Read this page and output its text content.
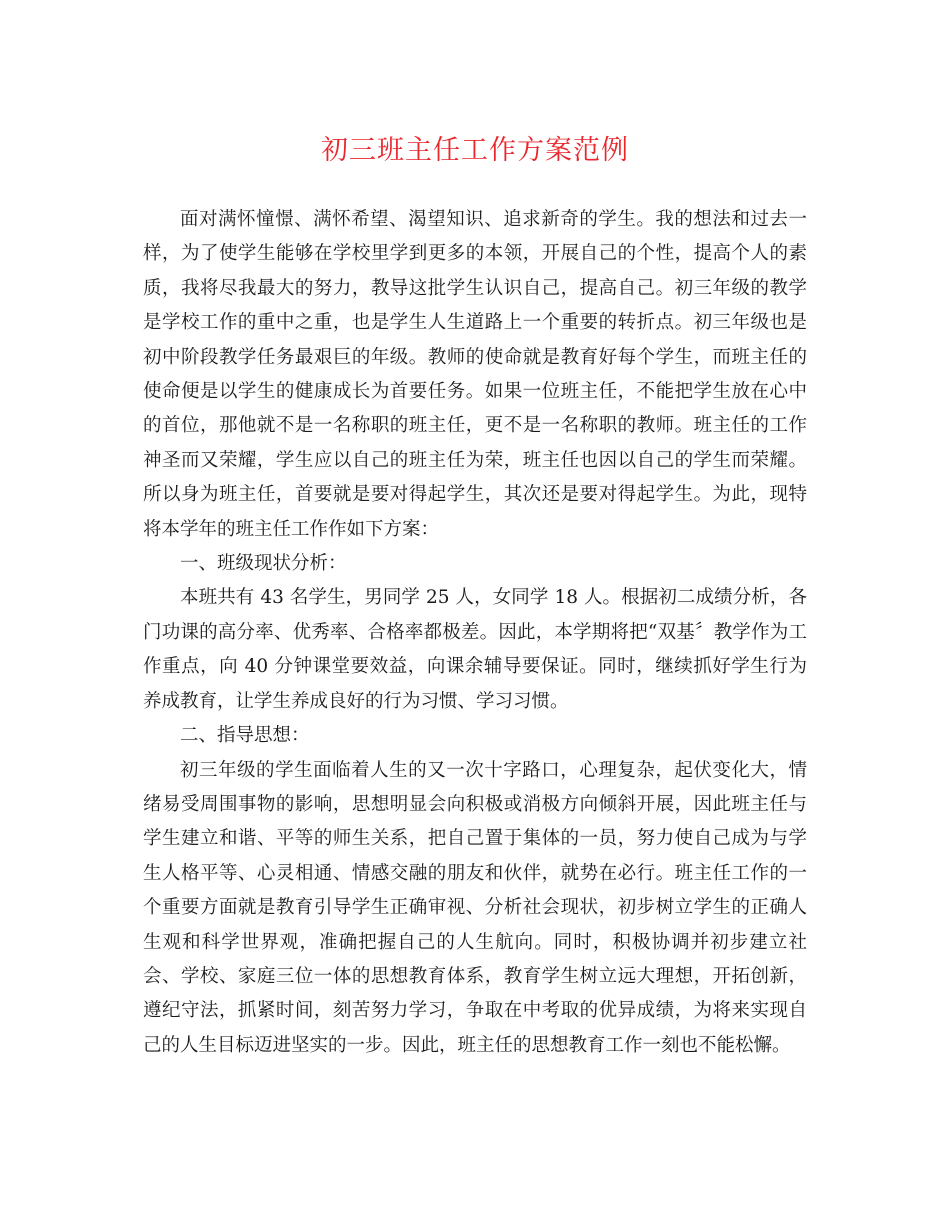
初三班主任工作方案范例

面对满怀憧憬、满怀希望、渴望知识、追求新奇的学生。我的想法和过去一样，为了使学生能够在学校里学到更多的本领，开展自己的个性，提高个人的素质，我将尽我最大的努力，教导这批学生认识自己，提高自己。初三年级的教学是学校工作的重中之重，也是学生人生道路上一个重要的转折点。初三年级也是初中阶段教学任务最艰巨的年级。教师的使命就是教育好每个学生，而班主任的使命便是以学生的健康成长为首要任务。如果一位班主任，不能把学生放在心中的首位，那他就不是一名称职的班主任，更不是一名称职的教师。班主任的工作神圣而又荣耀，学生应以自己的班主任为荣，班主任也因以自己的学生而荣耀。所以身为班主任，首要就是要对得起学生，其次还是要对得起学生。为此，现特将本学年的班主任工作作如下方案：

一、班级现状分析：

本班共有 43 名学生，男同学 25 人，女同学 18 人。根据初二成绩分析，各门功课的高分率、优秀率、合格率都极差。因此，本学期将把“双基〞教学作为工作重点，向 40 分钟课堂要效益，向课余辅导要保证。同时，继续抓好学生行为养成教育，让学生养成良好的行为习惯、学习习惯。

二、指导思想：

初三年级的学生面临着人生的又一次十字路口，心理复杂，起伏变化大，情绪易受周围事物的影响，思想明显会向积极或消极方向倾斜开展，因此班主任与学生建立和谐、平等的师生关系，把自己置于集体的一员，努力使自己成为与学生人格平等、心灵相通、情感交融的朋友和伙伴，就势在必行。班主任工作的一个重要方面就是教育引导学生正确审视、分析社会现状，初步树立学生的正确人生观和科学世界观，准确把握自己的人生航向。同时，积极协调并初步建立社会、学校、家庭三位一体的思想教育体系，教育学生树立远大理想，开拓创新，遵纪守法，抓紧时间，刻苦努力学习，争取在中考取的优异成绩，为将来实现自己的人生目标迈进坚实的一步。因此，班主任的思想教育工作一刻也不能松懈。
